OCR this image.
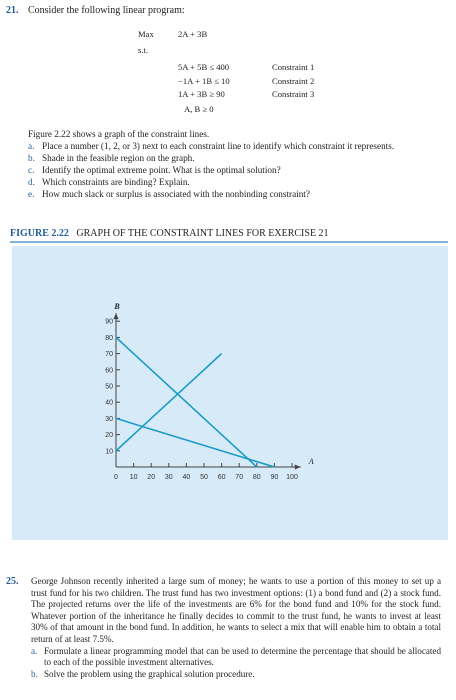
21. Consider the following linear program:
Max	2A + 3B
s.t.
5A + 5B ≤ 400	Constraint 1
−1A + 1B ≤ 10	Constraint 2
1A + 3B ≥ 90	Constraint 3
A, B ≥ 0
Figure 2.22 shows a graph of the constraint lines.
a. Place a number (1, 2, or 3) next to each constraint line to identify which constraint it represents.
b. Shade in the feasible region on the graph.
c. Identify the optimal extreme point. What is the optimal solution?
d. Which constraints are binding? Explain.
e. How much slack or surplus is associated with the nonbinding constraint?
FIGURE 2.22 GRAPH OF THE CONSTRAINT LINES FOR EXERCISE 21
0 10 20 30 40 50 60 70 80 90 100
10
20
30
40
50
60
70
80
90
A
B
25. George Johnson recently inherited a large sum of money; he wants to use a portion of this money to set up a trust fund for his two children. The trust fund has two investment options: (1) a bond fund and (2) a stock fund. The projected returns over the life of the investments are 6% for the bond fund and 10% for the stock fund. Whatever portion of the inheritance he finally decides to commit to the trust fund, he wants to invest at least 30% of that amount in the bond fund. In addition, he wants to select a mix that will enable him to obtain a total return of at least 7.5%.
a. Formulate a linear programming model that can be used to determine the percentage that should be allocated to each of the possible investment alternatives.
b. Solve the problem using the graphical solution procedure.
